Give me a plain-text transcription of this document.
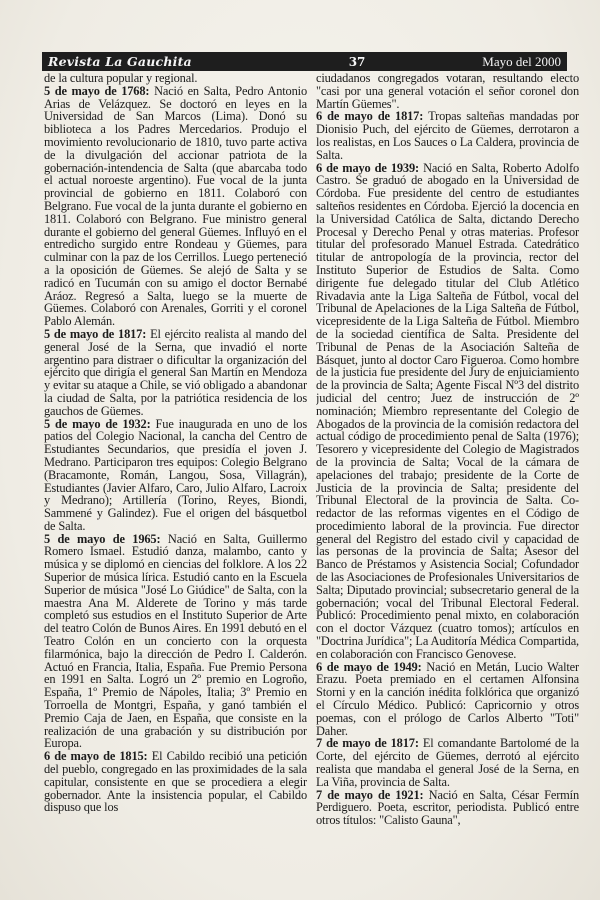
Revista La Gauchita	37	Mayo del 2000

de la cultura popular y regional.

5 de mayo de 1768: Nació en Salta, Pedro Antonio Arias de Velázquez. Se doctoró en leyes en la Universidad de San Marcos (Lima). Donó su biblioteca a los Padres Mercedarios. Produjo el movimiento revolucionario de 1810, tuvo parte activa de la divulgación del accionar patriota de la gobernación-intendencia de Salta (que abarcaba todo el actual noroeste argentino). Fue vocal de la junta provincial de gobierno en 1811. Colaboró con Belgrano. Fue vocal de la junta durante el gobierno en 1811. Colaboró con Belgrano. Fue ministro general durante el gobierno del general Güemes. Influyó en el entredicho surgido entre Rondeau y Güemes, para culminar con la paz de los Cerrillos. Luego perteneció a la oposición de Güemes. Se alejó de Salta y se radicó en Tucumán con su amigo el doctor Bernabé Aráoz. Regresó a Salta, luego se la muerte de Güemes. Colaboró con Arenales, Gorriti y el coronel Pablo Alemán.

5 de mayo de 1817: El ejército realista al mando del general José de la Serna, que invadió el norte argentino para distraer o dificultar la organización del ejército que dirigía el general San Martín en Mendoza y evitar su ataque a Chile, se vió obligado a abandonar la ciudad de Salta, por la patriótica residencia de los gauchos de Güemes.

5 de mayo de 1932: Fue inaugurada en uno de los patios del Colegio Nacional, la cancha del Centro de Estudiantes Secundarios, que presidía el joven J. Medrano. Participaron tres equipos: Colegio Belgrano (Bracamonte, Román, Langou, Sosa, Villagrán), Estudiantes (Javier Alfaro, Caro, Julio Alfaro, Lacroix y Medrano); Artillería (Torino, Reyes, Biondi, Sammené y Galindez). Fue el origen del básquetbol de Salta.

5 de mayo de 1965: Nació en Salta, Guillermo Romero Ismael. Estudió danza, malambo, canto y música y se diplomó en ciencias del folklore. A los 22 Superior de música lírica. Estudió canto en la Escuela Superior de música "José Lo Giúdice" de Salta, con la maestra Ana M. Alderete de Torino y más tarde completó sus estudios en el Instituto Superior de Arte del teatro Colón de Bunos Aires. En 1991 debutó en el Teatro Colón en un concierto con la orquesta filarmónica, bajo la dirección de Pedro I. Calderón. Actuó en Francia, Italia, España. Fue Premio Persona en 1991 en Salta. Logró un 2º premio en Logroño, España, 1º Premio de Nápoles, Italia; 3º Premio en Torroella de Montgri, España, y ganó también el Premio Caja de Jaen, en España, que consiste en la realización de una grabación y su distribución por Europa.

6 de mayo de 1815: El Cabildo recibió una petición del pueblo, congregado en las proximidades de la sala capitular, consistente en que se procediera a elegir gobernador. Ante la insistencia popular, el Cabildo dispuso que los

ciudadanos congregados votaran, resultando electo "casi por una general votación el señor coronel don Martín Güemes".

6 de mayo de 1817: Tropas salteñas mandadas por Dionisio Puch, del ejército de Güemes, derrotaron a los realistas, en Los Sauces o La Caldera, provincia de Salta.

6 de mayo de 1939: Nació en Salta, Roberto Adolfo Castro. Se graduó de abogado en la Universidad de Córdoba. Fue presidente del centro de estudiantes salteños residentes en Córdoba. Ejerció la docencia en la Universidad Católica de Salta, dictando Derecho Procesal y Derecho Penal y otras materias. Profesor titular del profesorado Manuel Estrada. Catedrático titular de antropología de la provincia, rector del Instituto Superior de Estudios de Salta. Como dirigente fue delegado titular del Club Atlético Rivadavia ante la Liga Salteña de Fútbol, vocal del Tribunal de Apelaciones de la Liga Salteña de Fútbol, vicepresidente de la Liga Salteña de Fútbol. Miembro de la sociedad científica de Salta. Presidente del Tribunal de Penas de la Asociación Salteña de Básquet, junto al doctor Caro Figueroa. Como hombre de la justicia fue presidente del Jury de enjuiciamiento de la provincia de Salta; Agente Fiscal Nº3 del distrito judicial del centro; Juez de instrucción de 2º nominación; Miembro representante del Colegio de Abogados de la provincia de la comisión redactora del actual código de procedimiento penal de Salta (1976); Tesorero y vicepresidente del Colegio de Magistrados de la provincia de Salta; Vocal de la cámara de apelaciones del trabajo; presidente de la Corte de Justicia de la provincia de Salta; presidente del Tribunal Electoral de la provincia de Salta. Co-redactor de las reformas vigentes en el Código de procedimiento laboral de la provincia. Fue director general del Registro del estado civil y capacidad de las personas de la provincia de Salta; Asesor del Banco de Préstamos y Asistencia Social; Cofundador de las Asociaciones de Profesionales Universitarios de Salta; Diputado provincial; subsecretario general de la gobernación; vocal del Tribunal Electoral Federal. Publicó: Procedimiento penal mixto, en colaboración con el doctor Vázquez (cuatro tomos); artículos en "Doctrina Jurídica"; La Auditoría Médica Compartida, en colaboración con Francisco Genovese.

6 de mayo de 1949: Nació en Metán, Lucio Walter Erazu. Poeta premiado en el certamen Alfonsina Storni y en la canción inédita folklórica que organizó el Círculo Médico. Publicó: Capricornio y otros poemas, con el prólogo de Carlos Alberto "Toti" Daher.

7 de mayo de 1817: El comandante Bartolomé de la Corte, del ejército de Güemes, derrotó al ejército realista que mandaba el general José de la Serna, en La Viña, provincia de Salta.

7 de mayo de 1921: Nació en Salta, César Fermín Perdiguero. Poeta, escritor, periodista. Publicó entre otros títulos: "Calisto Gauna",
